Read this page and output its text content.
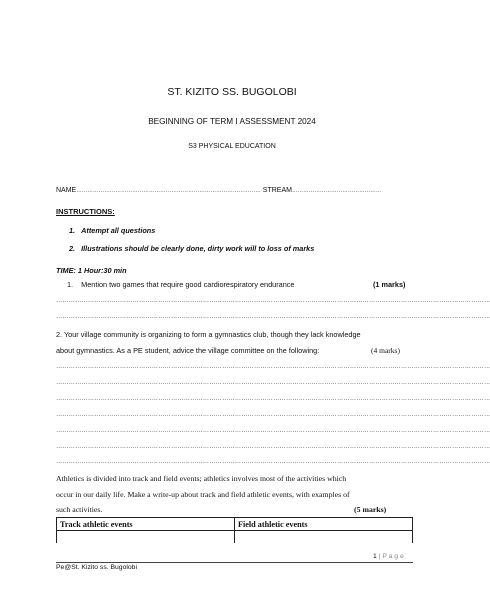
ST. KIZITO SS. BUGOLOBI
BEGINNING OF TERM I ASSESSMENT 2024
S3 PHYSICAL EDUCATION
NAME……………………………………………………………………………………… STREAM…………………………………………
INSTRUCTIONS:
1. Attempt all questions
2. Illustrations should be clearly done, dirty work will to loss of marks
TIME: 1 Hour:30 min
1. Mention two games that require good cardiorespiratory endurance	(1 marks)
……………………………………………………………………………………………………………………………………………………………………………………
……………………………………………………………………………………………………………………………………………………………………………………
2. Your village community is organizing to form a gymnastics club, though they lack knowledge
about gymnastics. As a PE student, advice the village committee on the following:	(4 marks)
……………………………………………………………………………………………………………………………………………………………………………………
……………………………………………………………………………………………………………………………………………………………………………………
……………………………………………………………………………………………………………………………………………………………………………………
……………………………………………………………………………………………………………………………………………………………………………………
……………………………………………………………………………………………………………………………………………………………………………………
……………………………………………………………………………………………………………………………………………………………………………………
……………………………………………………………………………………………………………………………………………………………………………………
Athletics is divided into track and field events; athletics involves most of the activities which
occur in our daily life. Make a write-up about track and field athletic events, with examples of
such activities.	(5 marks)
Track athletic events	Field athletic events

1 | P a g e
Pe@St. Kizito ss. Bugolobi
